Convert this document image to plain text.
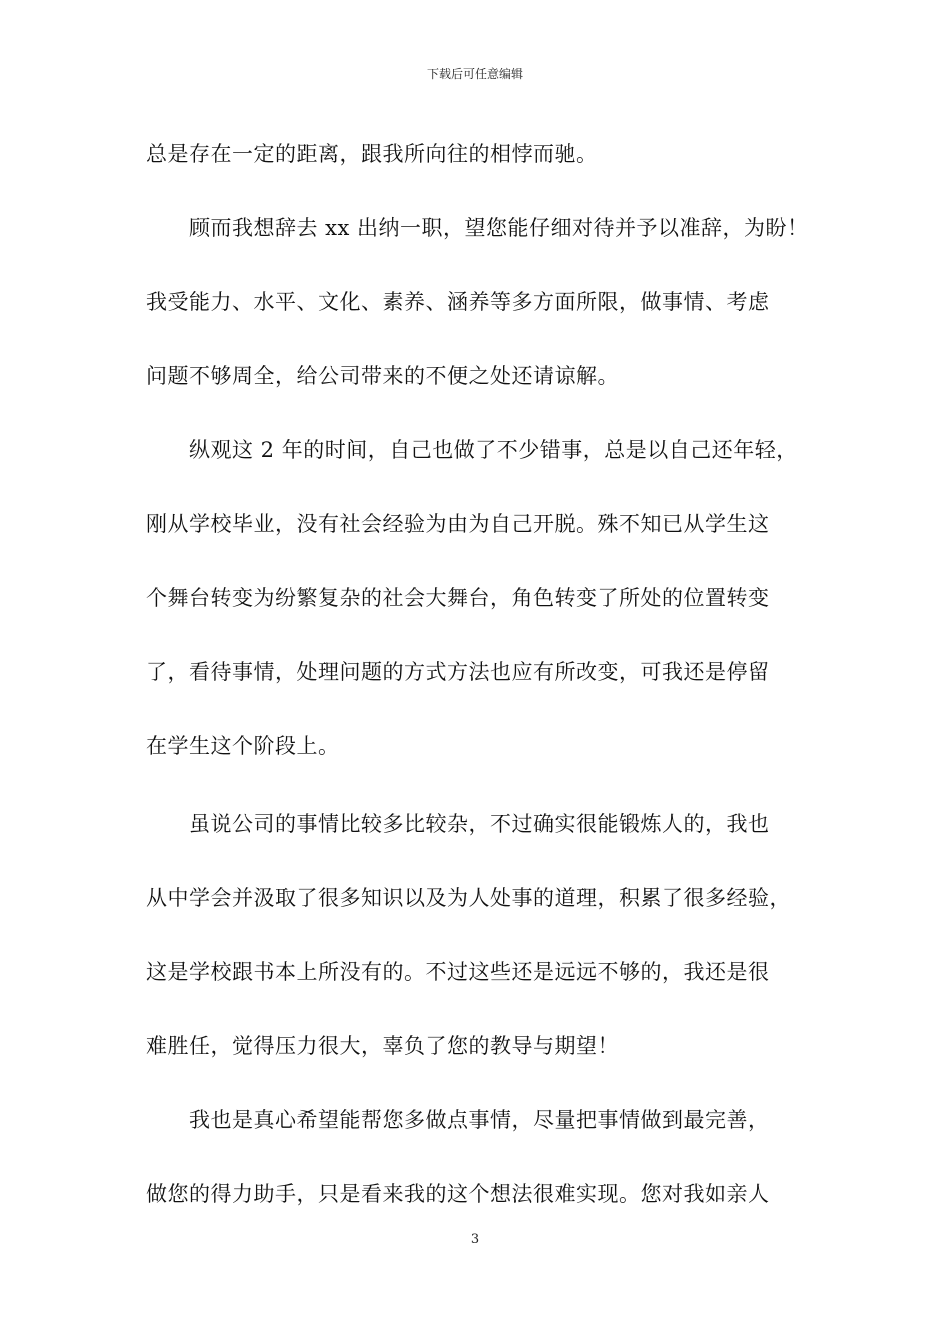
下载后可任意编辑
总是存在一定的距离，跟我所向往的相悖而驰。
　　顾而我想辞去 xx 出纳一职，望您能仔细对待并予以准辞，为盼！
我受能力、水平、文化、素养、涵养等多方面所限，做事情、考虑
问题不够周全，给公司带来的不便之处还请谅解。
　　纵观这 2 年的时间，自己也做了不少错事，总是以自己还年轻，
刚从学校毕业，没有社会经验为由为自己开脱。殊不知已从学生这
个舞台转变为纷繁复杂的社会大舞台，角色转变了所处的位置转变
了，看待事情，处理问题的方式方法也应有所改变，可我还是停留
在学生这个阶段上。
　　虽说公司的事情比较多比较杂，不过确实很能锻炼人的，我也
从中学会并汲取了很多知识以及为人处事的道理，积累了很多经验，
这是学校跟书本上所没有的。不过这些还是远远不够的，我还是很
难胜任，觉得压力很大，辜负了您的教导与期望！
　　我也是真心希望能帮您多做点事情，尽量把事情做到最完善，
做您的得力助手，只是看来我的这个想法很难实现。您对我如亲人
3
